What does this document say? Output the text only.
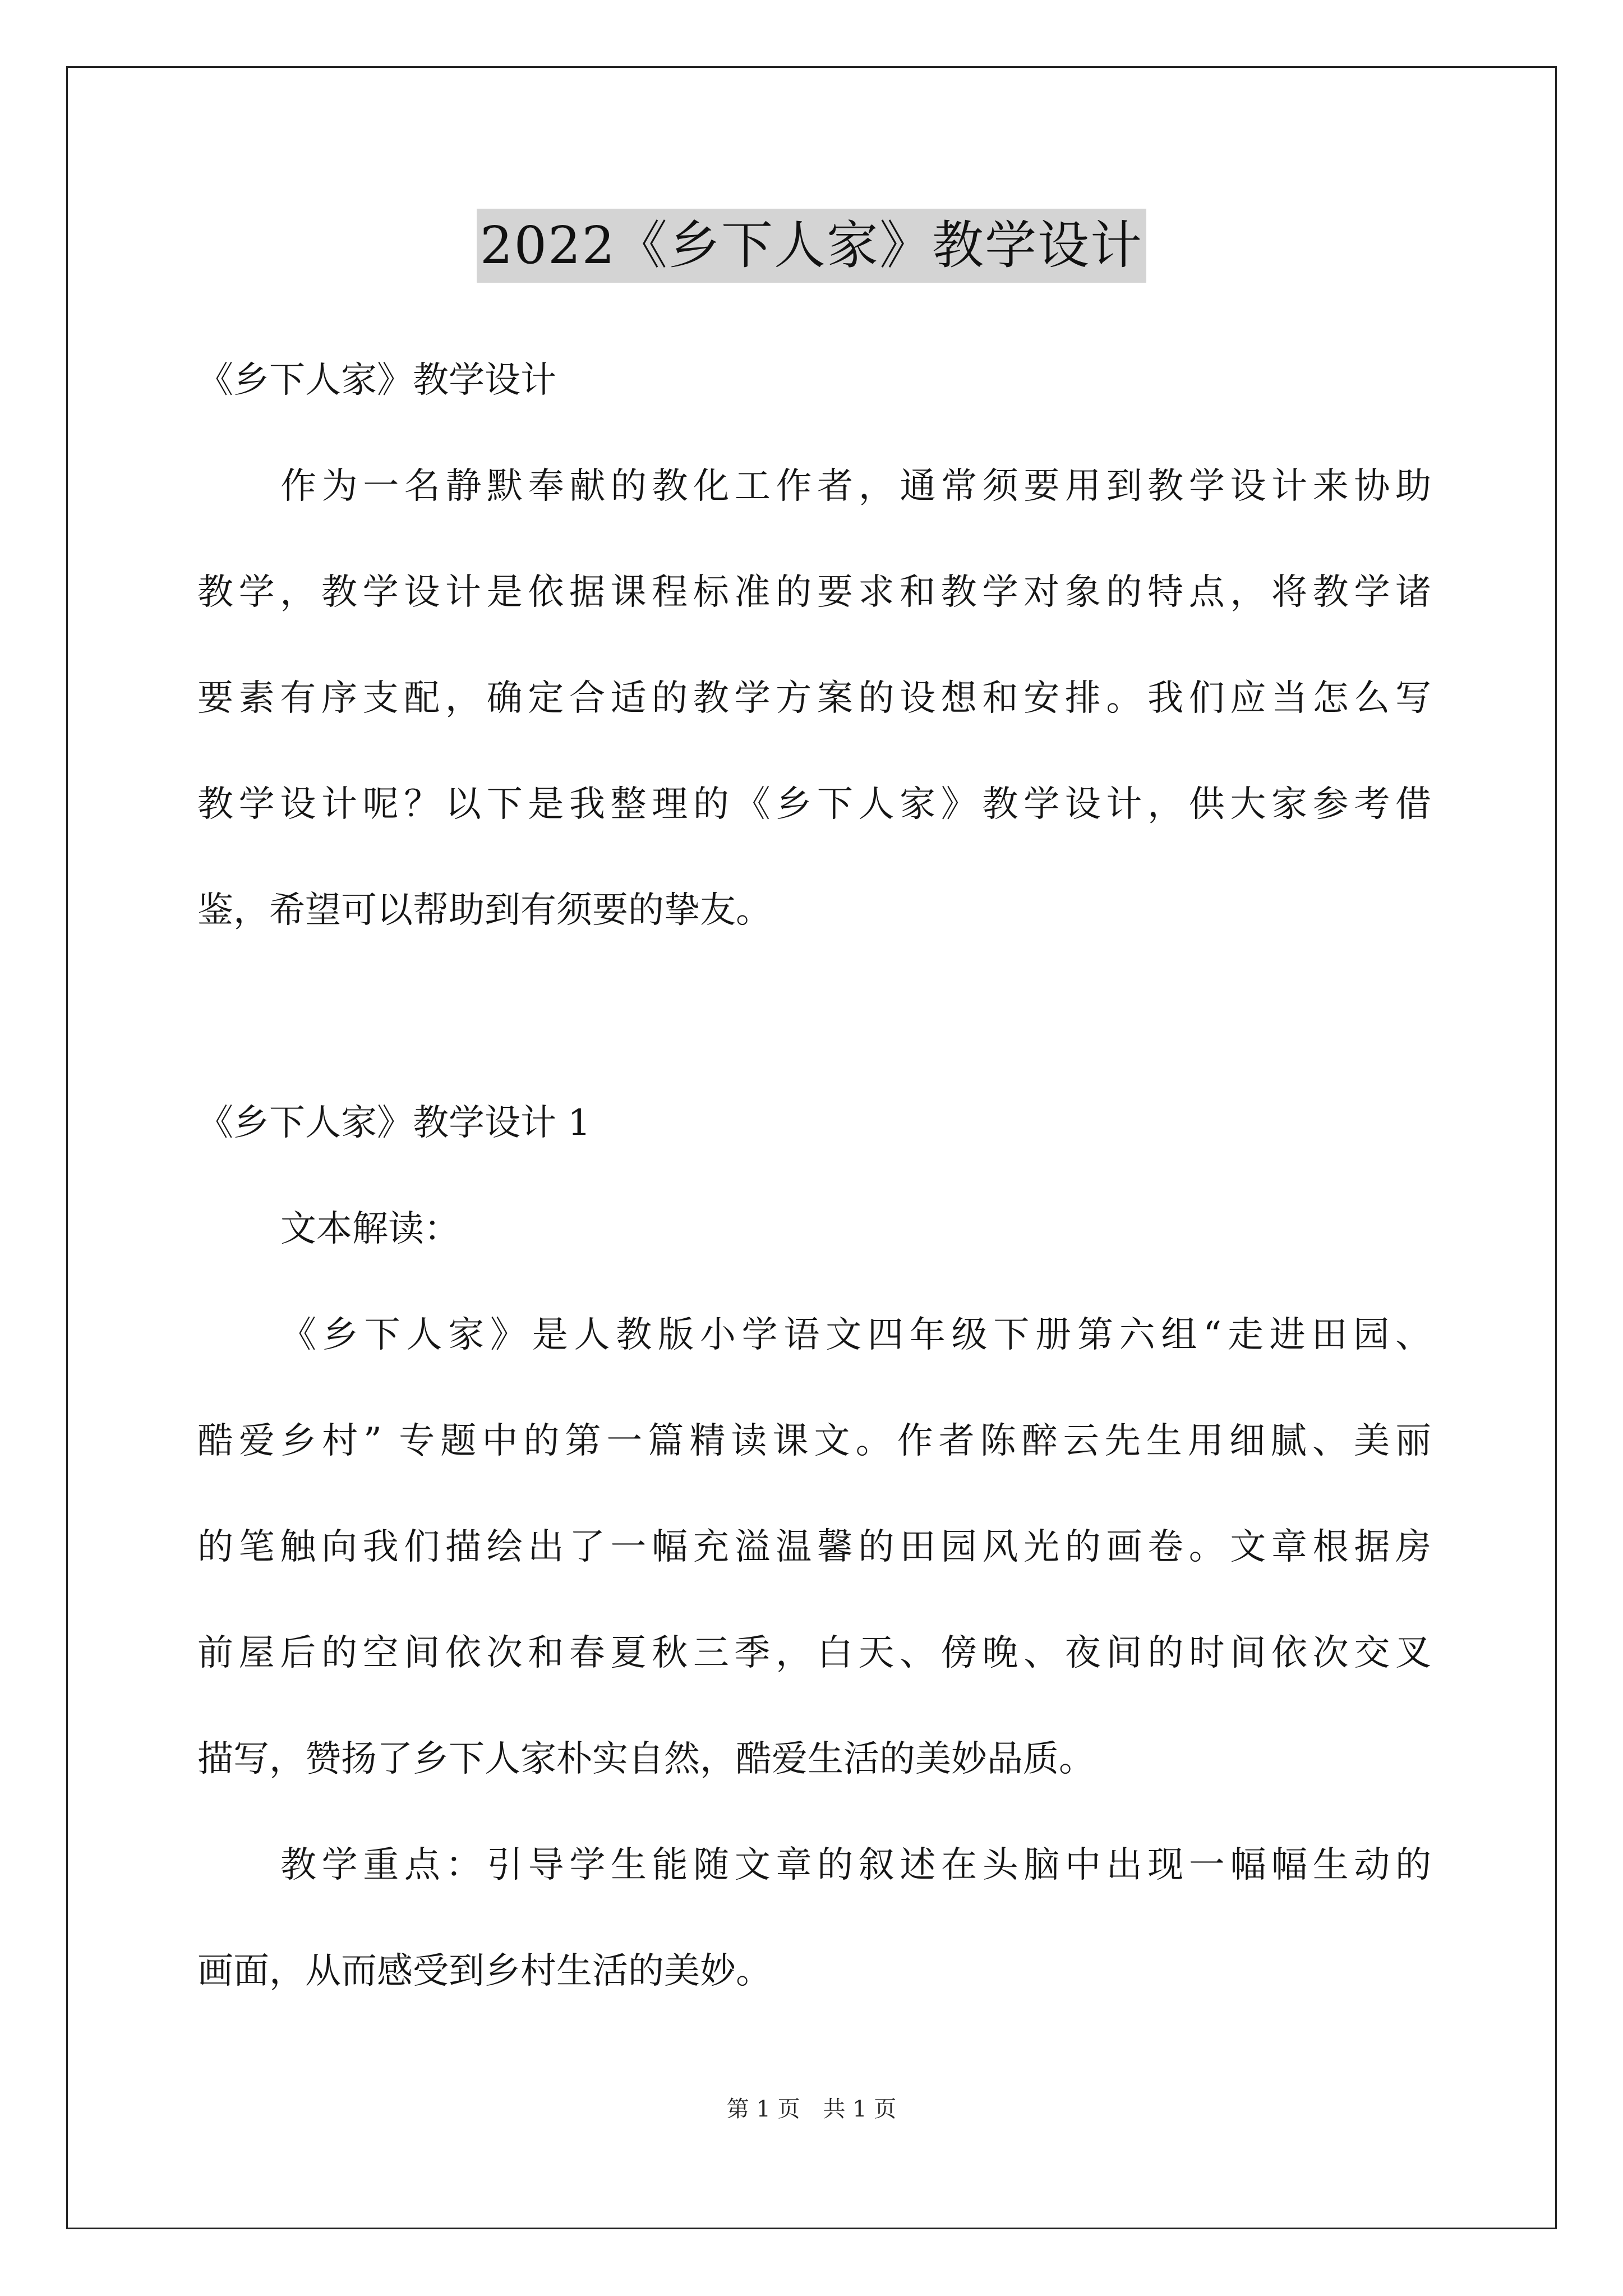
2022《乡下人家》教学设计
《乡下人家》教学设计
作为一名静默奉献的教化工作者，通常须要用到教学设计来协助
教学，教学设计是依据课程标准的要求和教学对象的特点，将教学诸
要素有序支配，确定合适的教学方案的设想和安排。我们应当怎么写
教学设计呢？以下是我整理的《乡下人家》教学设计，供大家参考借
鉴，希望可以帮助到有须要的挚友。
《乡下人家》教学设计 1
文本解读：
《乡下人家》是人教版小学语文四年级下册第六组“走进田园、
酷爱乡村” 专题中的第一篇精读课文。作者陈醉云先生用细腻、美丽
的笔触向我们描绘出了一幅充溢温馨的田园风光的画卷。文章根据房
前屋后的空间依次和春夏秋三季，白天、傍晚、夜间的时间依次交叉
描写，赞扬了乡下人家朴实自然，酷爱生活的美妙品质。
教学重点：引导学生能随文章的叙述在头脑中出现一幅幅生动的
画面，从而感受到乡村生活的美妙。
第 1 页 共 1 页
